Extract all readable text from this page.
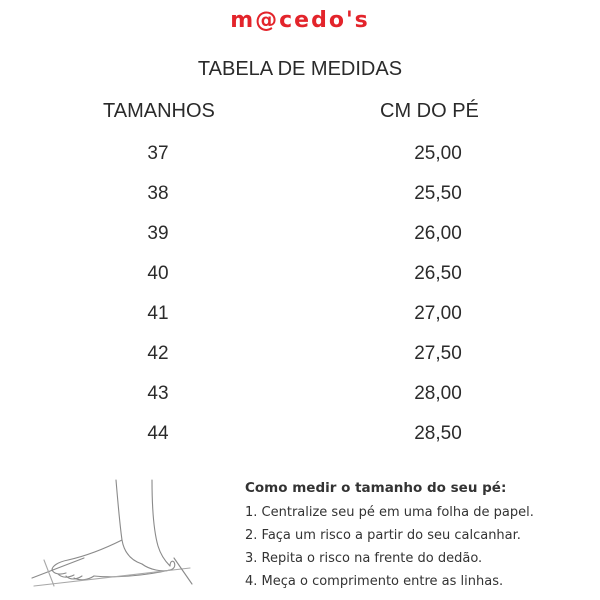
m@cedo's
TABELA DE MEDIDAS
TAMANHOS	CM DO PÉ
37	25,00
38	25,50
39	26,00
40	26,50
41	27,00
42	27,50
43	28,00
44	28,50
Como medir o tamanho do seu pé:
1. Centralize seu pé em uma folha de papel.
2. Faça um risco a partir do seu calcanhar.
3. Repita o risco na frente do dedão.
4. Meça o comprimento entre as linhas.
